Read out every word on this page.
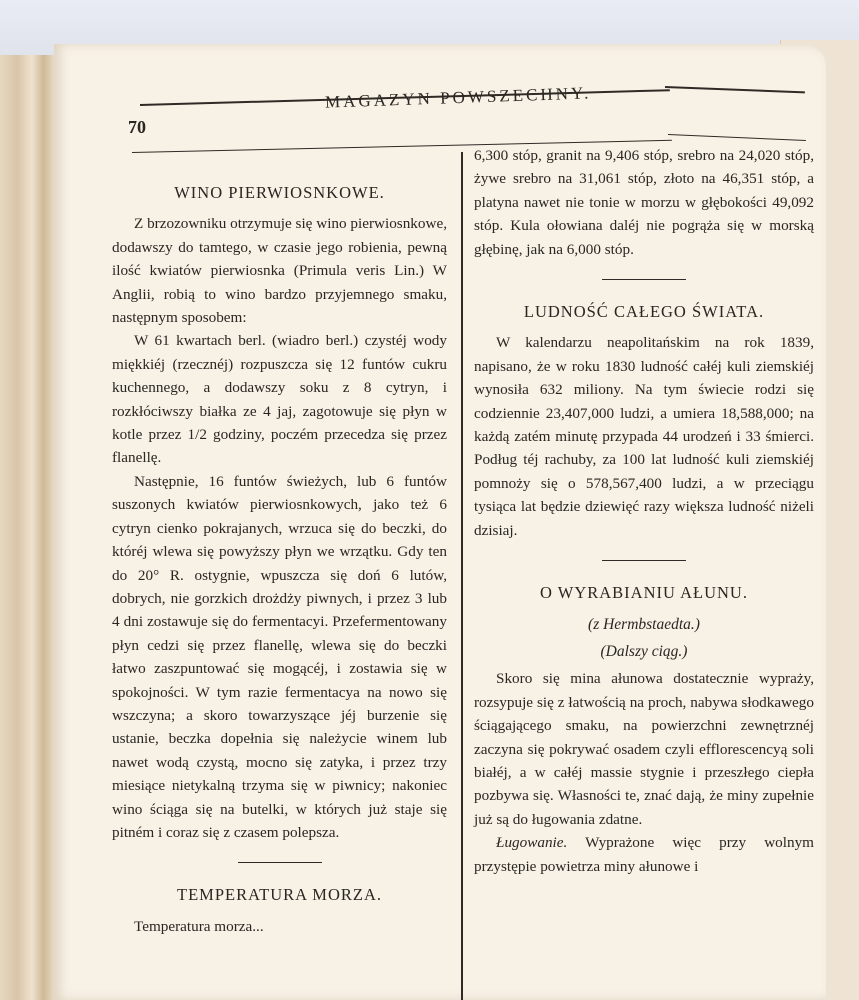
70
MAGAZYN POWSZECHNY.
WINO PIERWIOSNKOWE.

Z brzozowniku otrzymuje się wino pierwiosnkowe, dodawszy do tamtego, w czasie jego robienia, pewną ilość kwiatów pierwiosnka (Primula veris Lin.) W Anglii, robią to wino bardzo przyjemnego smaku, następnym sposobem:

W 61 kwartach berl. (wiadro berl.) czystéj wody miękkiéj (rzecznéj) rozpuszcza się 12 funtów cukru kuchennego, a dodawszy soku z 8 cytryn, i rozkłóciwszy białka ze 4 jaj, zagotowuje się płyn w kotle przez 1/2 godziny, poczém przecedza się przez flanellę.

Następnie, 16 funtów świeżych, lub 6 funtów suszonych kwiatów pierwiosnkowych, jako też 6 cytryn cienko pokrajanych, wrzuca się do beczki, do któréj wlewa się powyższy płyn we wrzątku. Gdy ten do 20° R. ostygnie, wpuszcza się doń 6 lutów, dobrych, nie gorzkich drożdży piwnych, i przez 3 lub 4 dni zostawuje się do fermentacyi. Przefermentowany płyn cedzi się przez flanellę, wlewa się do beczki łatwo zaszpuntować się mogącéj, i zostawia się w spokojności. W tym razie fermentacya na nowo się wszczyna; a skoro towarzyszące jéj burzenie się ustanie, beczka dopełnia się należycie winem lub nawet wodą czystą, mocno się zatyka, i przez trzy miesiące nietykalną trzyma się w piwnicy; nakoniec wino ściąga się na butelki, w których już staje się pitném i coraz się z czasem polepsza.

TEMPERATURA MORZA.

Temperatura morza...

6,300 stóp, granit na 9,406 stóp, srebro na 24,020 stóp, żywe srebro na 31,061 stóp, złoto na 46,351 stóp, a platyna nawet nie tonie w morzu w głębokości 49,092 stóp. Kula ołowiana daléj nie pogrąża się w morską głębinę, jak na 6,000 stóp.

LUDNOŚĆ CAŁEGO ŚWIATA.

W kalendarzu neapolitańskim na rok 1839, napisano, że w roku 1830 ludność całéj kuli ziemskiéj wynosiła 632 miliony. Na tym świecie rodzi się codziennie 23,407,000 ludzi, a umiera 18,588,000; na każdą zatém minutę przypada 44 urodzeń i 33 śmierci. Podług téj rachuby, za 100 lat ludność kuli ziemskiéj pomnoży się o 578,567,400 ludzi, a w przeciągu tysiąca lat będzie dziewięć razy większa ludność niżeli dzisiaj.

O WYRABIANIU AŁUNU.
(z Hermbstaedta.)
(Dalszy ciąg.)

Skoro się mina ałunowa dostatecznie wypraży, rozsypuje się z łatwością na proch, nabywa słodkawego ściągającego smaku, na powierzchni zewnętrznéj zaczyna się pokrywać osadem czyli efflorescencyą soli białéj, a w całéj massie stygnie i przeszłego ciepła pozbywa się. Własności te, znać dają, że miny zupełnie już są do ługowania zdatne.

Ługowanie. Wyprażone więc przy wolnym przystępie powietrza miny ałunowe i
